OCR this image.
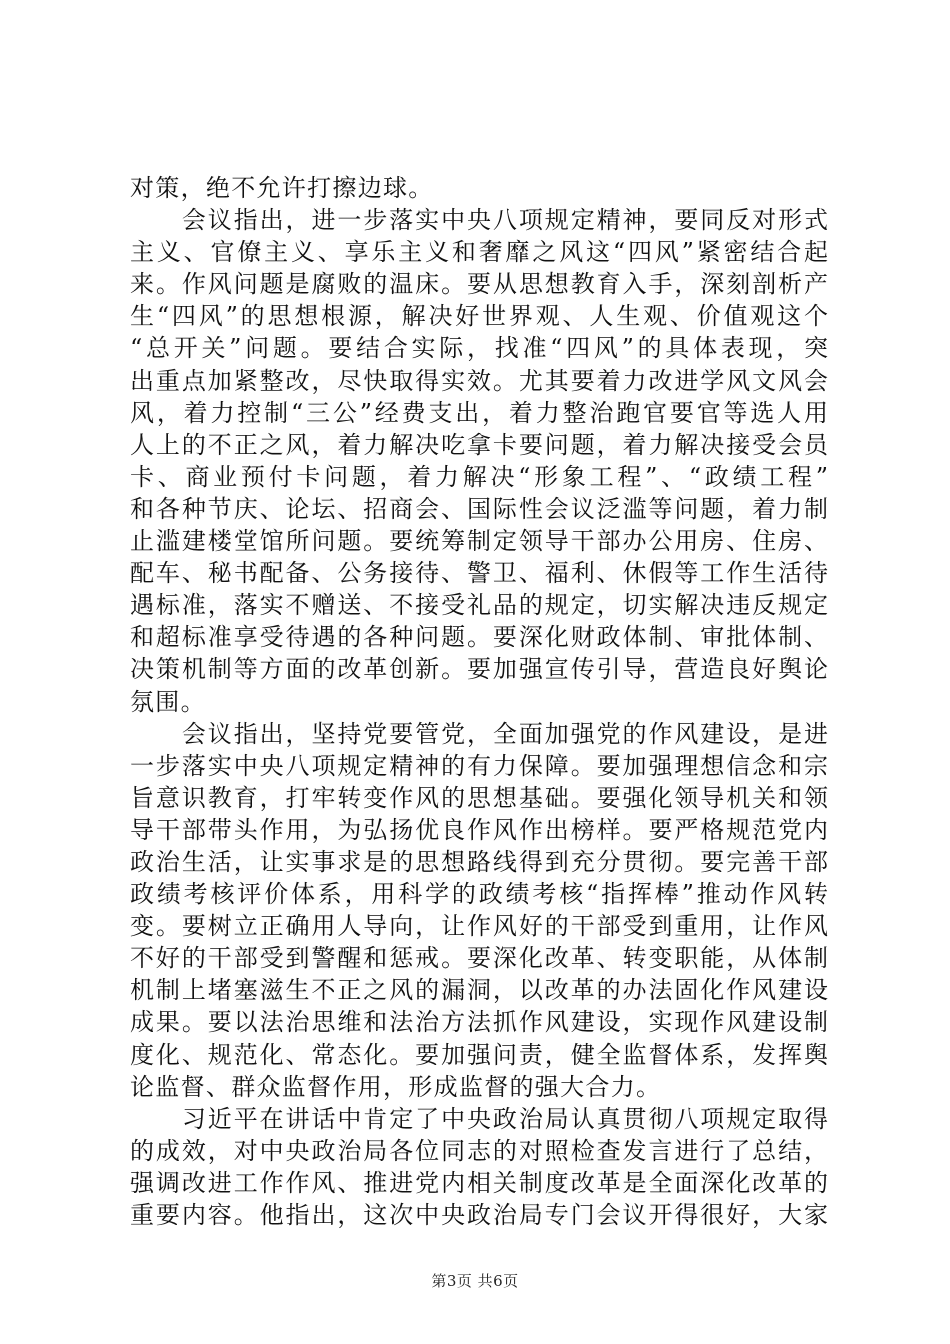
对策，绝不允许打擦边球。
　　会议指出，进一步落实中央八项规定精神，要同反对形式
主义、官僚主义、享乐主义和奢靡之风这“四风”紧密结合起
来。作风问题是腐败的温床。要从思想教育入手，深刻剖析产
生“四风”的思想根源，解决好世界观、人生观、价值观这个
“总开关”问题。要结合实际，找准“四风”的具体表现，突
出重点加紧整改，尽快取得实效。尤其要着力改进学风文风会
风，着力控制“三公”经费支出，着力整治跑官要官等选人用
人上的不正之风，着力解决吃拿卡要问题，着力解决接受会员
卡、商业预付卡问题，着力解决“形象工程”、“政绩工程”
和各种节庆、论坛、招商会、国际性会议泛滥等问题，着力制
止滥建楼堂馆所问题。要统筹制定领导干部办公用房、住房、
配车、秘书配备、公务接待、警卫、福利、休假等工作生活待
遇标准，落实不赠送、不接受礼品的规定，切实解决违反规定
和超标准享受待遇的各种问题。要深化财政体制、审批体制、
决策机制等方面的改革创新。要加强宣传引导，营造良好舆论
氛围。
　　会议指出，坚持党要管党，全面加强党的作风建设，是进
一步落实中央八项规定精神的有力保障。要加强理想信念和宗
旨意识教育，打牢转变作风的思想基础。要强化领导机关和领
导干部带头作用，为弘扬优良作风作出榜样。要严格规范党内
政治生活，让实事求是的思想路线得到充分贯彻。要完善干部
政绩考核评价体系，用科学的政绩考核“指挥棒”推动作风转
变。要树立正确用人导向，让作风好的干部受到重用，让作风
不好的干部受到警醒和惩戒。要深化改革、转变职能，从体制
机制上堵塞滋生不正之风的漏洞，以改革的办法固化作风建设
成果。要以法治思维和法治方法抓作风建设，实现作风建设制
度化、规范化、常态化。要加强问责，健全监督体系，发挥舆
论监督、群众监督作用，形成监督的强大合力。
　　习近平在讲话中肯定了中央政治局认真贯彻八项规定取得
的成效，对中央政治局各位同志的对照检查发言进行了总结，
强调改进工作作风、推进党内相关制度改革是全面深化改革的
重要内容。他指出，这次中央政治局专门会议开得很好，大家
第3页 共6页
